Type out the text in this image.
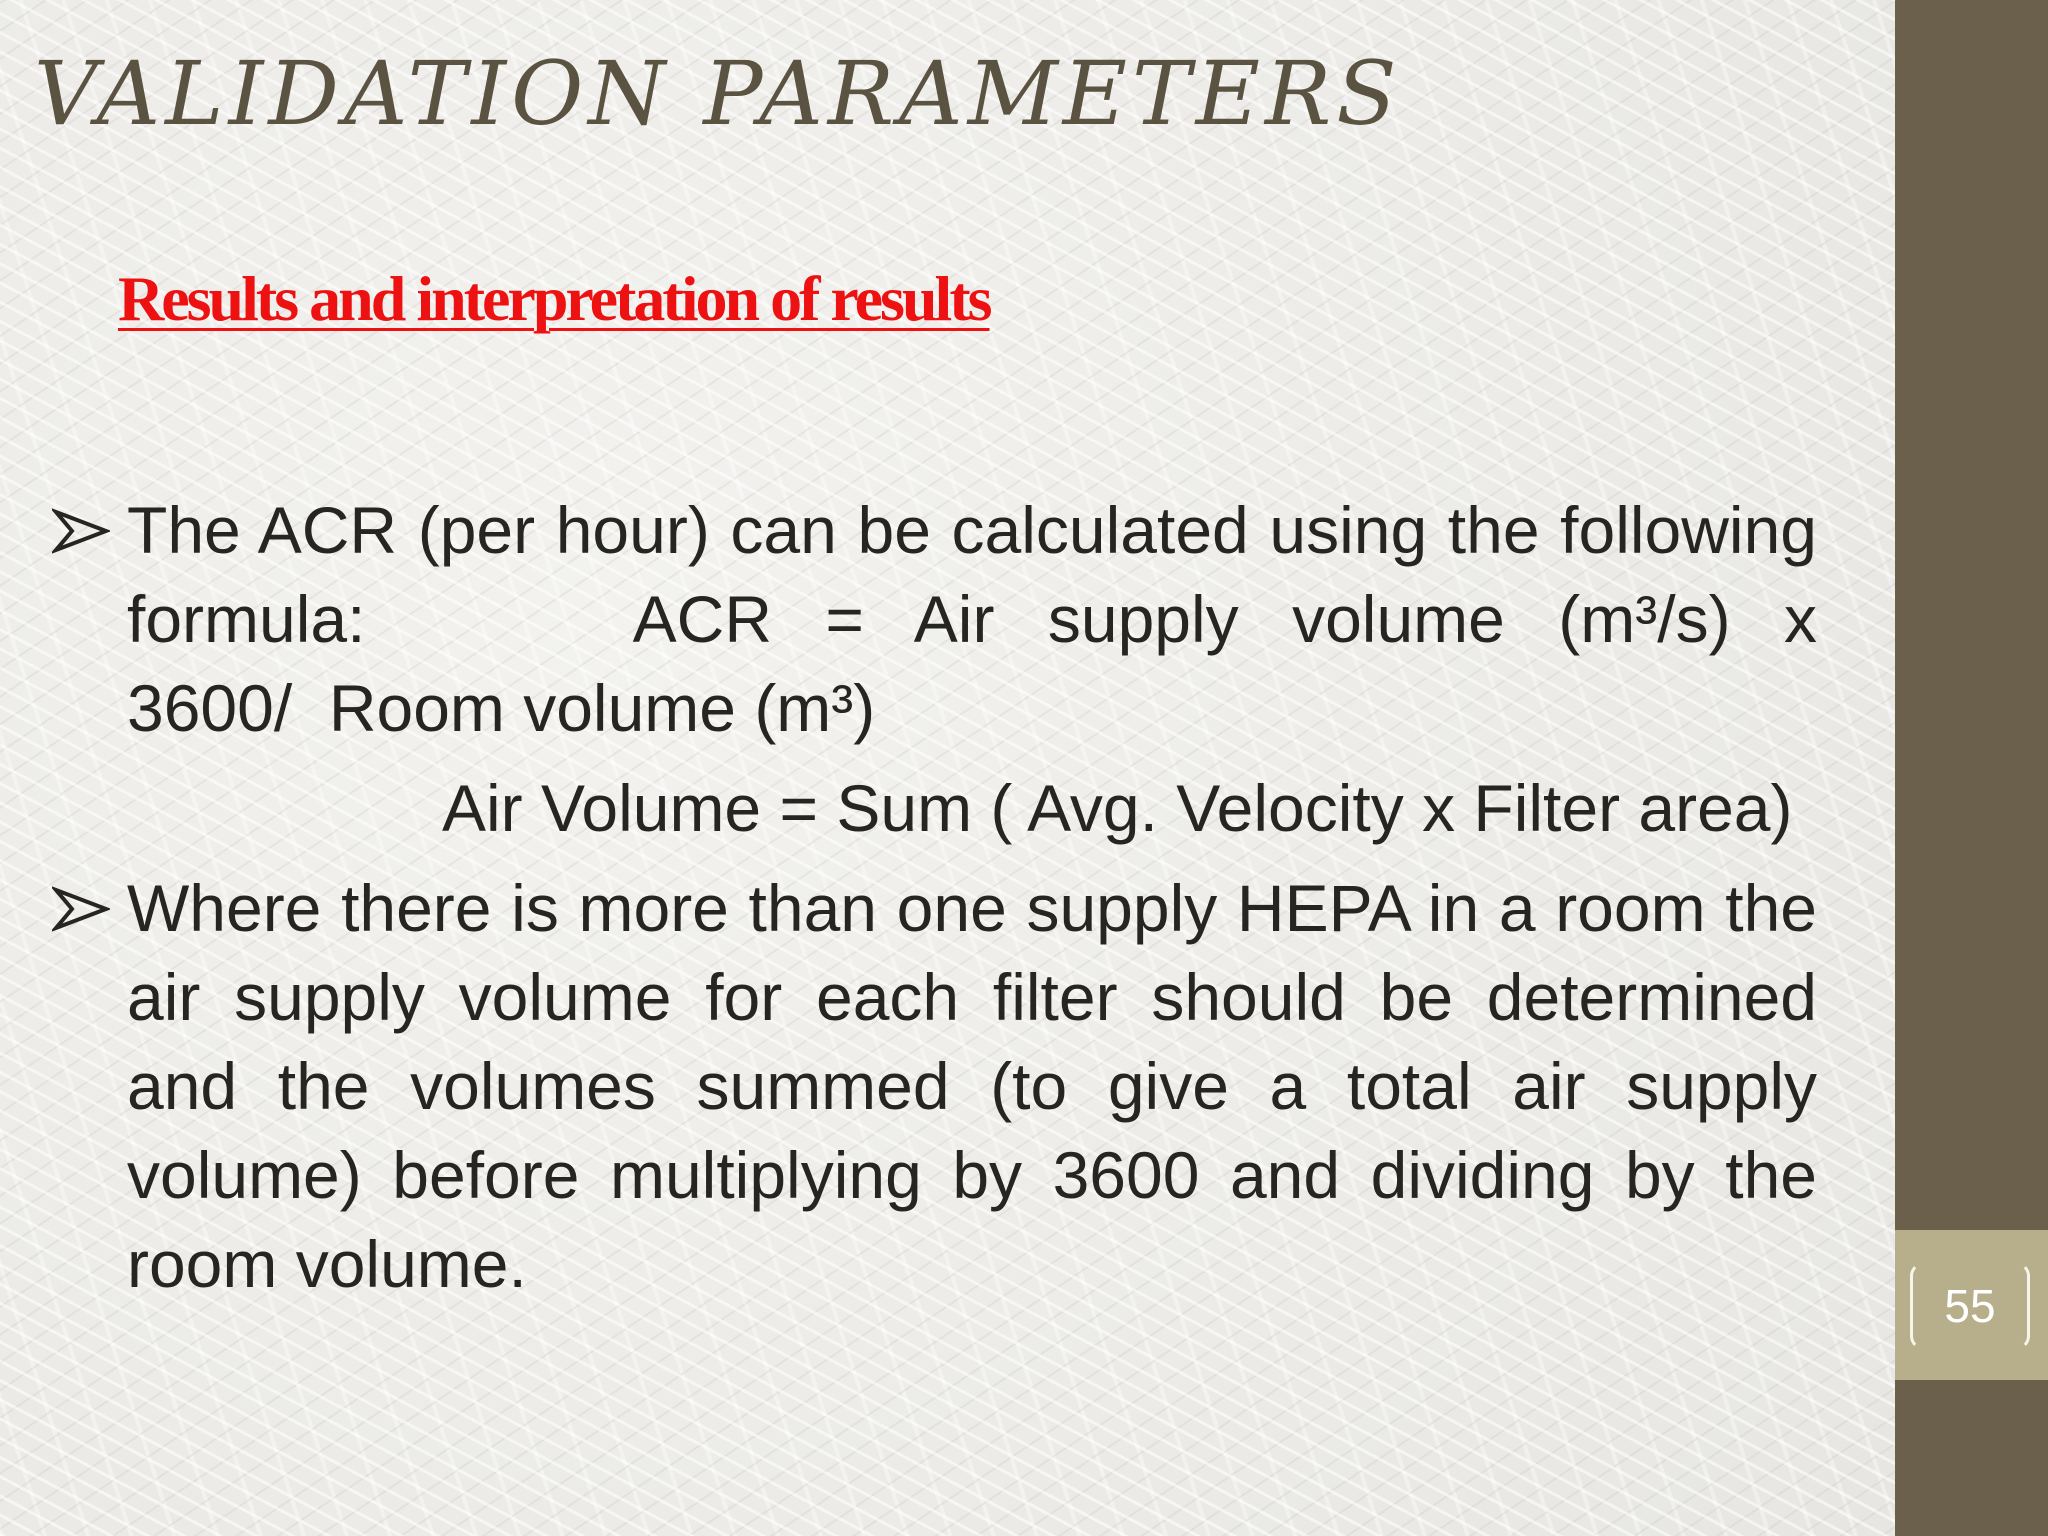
55
VALIDATION PARAMETERS
Results and interpretation of results
The ACR (per hour) can be calculated using the following formula:     ACR = Air supply volume (m³/s) x 3600/  Room volume (m³)
Air Volume = Sum ( Avg. Velocity x Filter area)
Where there is more than one supply HEPA in a room the air supply volume for each filter should be determined and the volumes summed (to give a total air supply volume) before multiplying by 3600 and dividing by the room volume.
